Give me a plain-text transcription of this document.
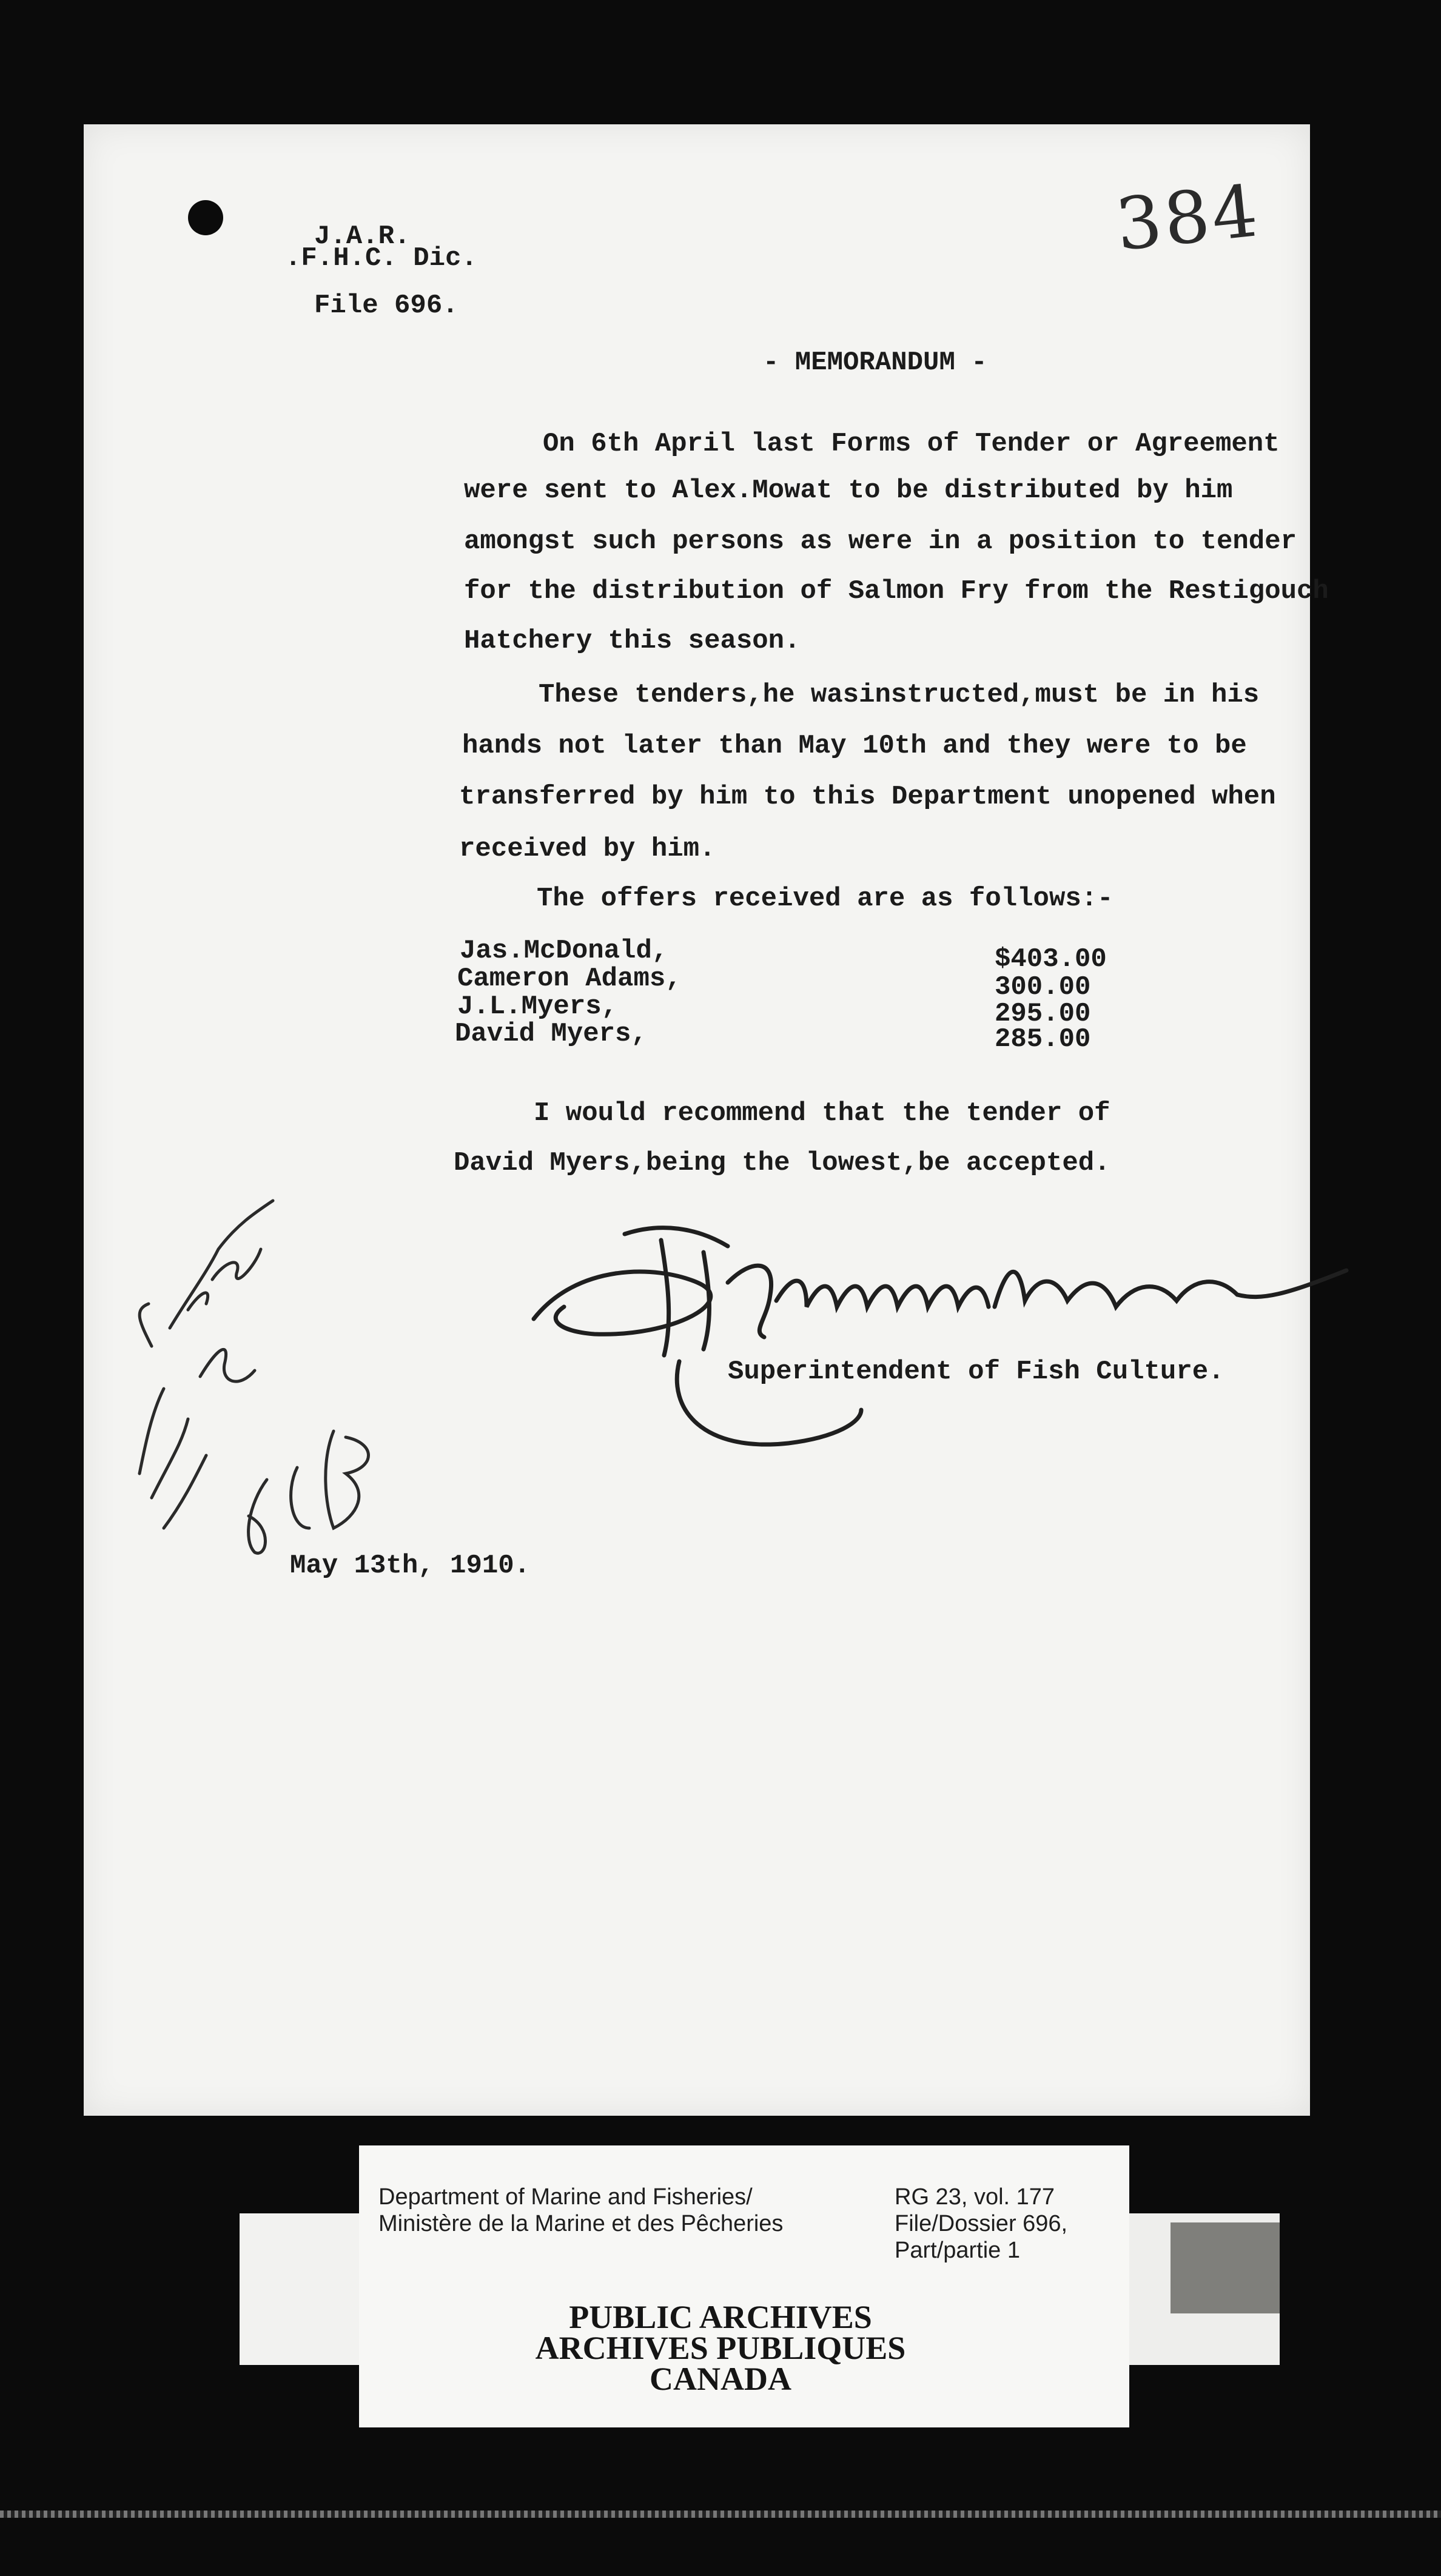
384
J.A.R.
.F.H.C. Dic.
File 696.
- MEMORANDUM -
On 6th April last Forms of Tender or Agreement
were sent to Alex.Mowat to be distributed by him
amongst such persons as were in a position to tender
for the distribution of Salmon Fry from the Restigouch
Hatchery this season.
These tenders,he wasinstructed,must be in his
hands not later than May 10th and they were to be
transferred by him to this Department unopened when
received by him.
The offers received are as follows:-
Jas.McDonald,	$403.00
Cameron Adams,	300.00
J.L.Myers,	295.00
David Myers,	285.00
I would recommend that the tender of
David Myers,being the lowest,be accepted.
Superintendent of Fish Culture.
May 13th, 1910.
Department of Marine and Fisheries/
Ministère de la Marine et des Pêcheries
RG 23, vol. 177
File/Dossier 696,
Part/partie 1
PUBLIC ARCHIVES
ARCHIVES PUBLIQUES
CANADA
